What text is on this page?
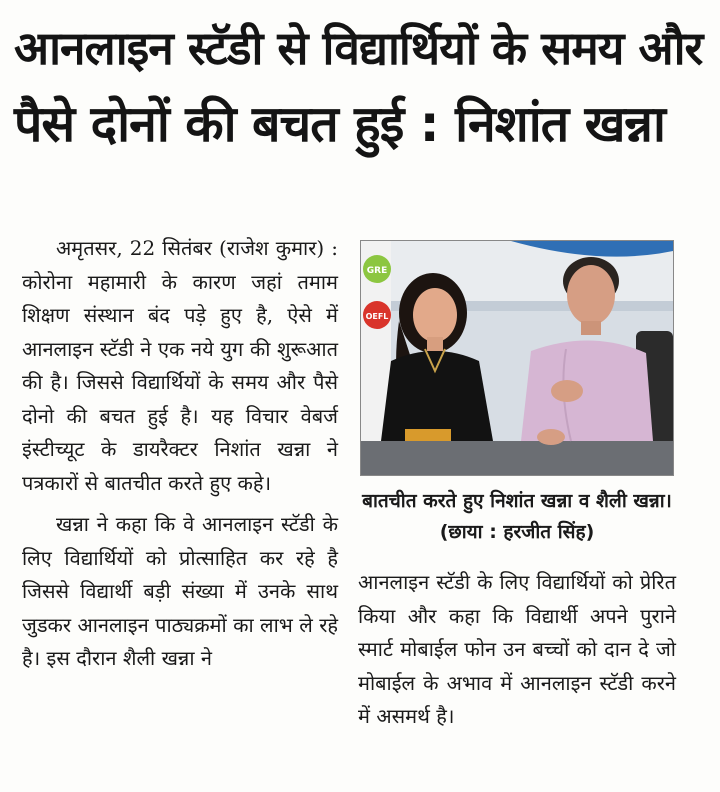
आनलाइन स्टॅडी से विद्यार्थियों के समय और
पैसे दोनों की बचत हुई : निशांत खन्ना

अमृतसर, 22 सितंबर (राजेश कुमार) : कोरोना महामारी के कारण जहां तमाम शिक्षण संस्थान बंद पड़े हुए है, ऐसे में आनलाइन स्टॅडी ने एक नये युग की शुरूआत की है। जिससे विद्यार्थियों के समय और पैसे दोनो की बचत हुई है। यह विचार वेबर्ज इंस्टीच्यूट के डायरैक्टर निशांत खन्ना ने पत्रकारों से बातचीत करते हुए कहे।

खन्ना ने कहा कि वे आनलाइन स्टॅडी के लिए विद्यार्थियों को प्रोत्साहित कर रहे है जिससे विद्यार्थी बड़ी संख्या में उनके साथ जुडकर आनलाइन पाठ्यक्रमों का लाभ ले रहे है। इस दौरान शैली खन्ना ने

GRE
OEFL
बातचीत करते हुए निशांत खन्ना व शैली खन्ना। (छाया : हरजीत सिंह)

आनलाइन स्टॅडी के लिए विद्यार्थियों को प्रेरित किया और कहा कि विद्यार्थी अपने पुराने स्मार्ट मोबाईल फोन उन बच्चों को दान दे जो मोबाईल के अभाव में आनलाइन स्टॅडी करने में असमर्थ है।
